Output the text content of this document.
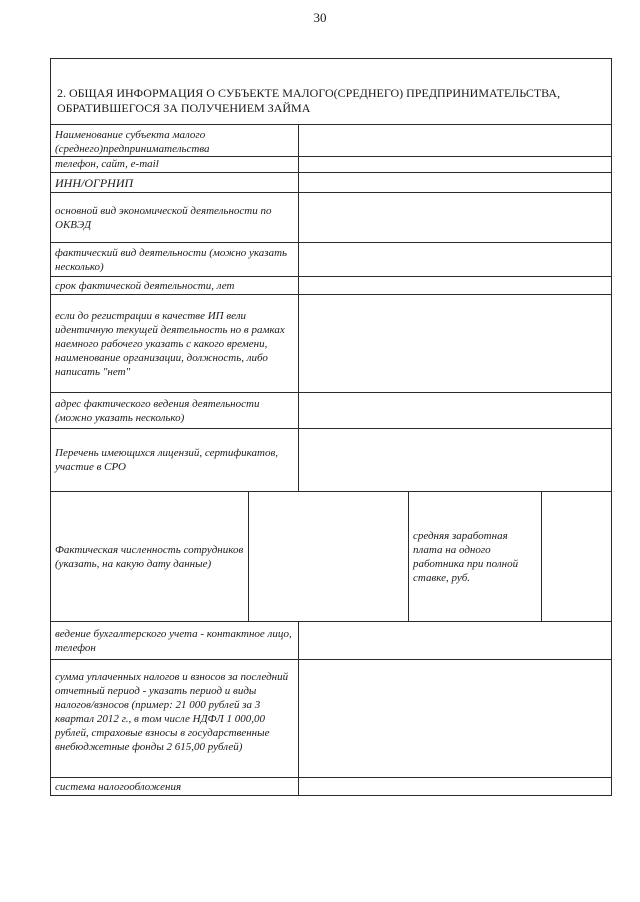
30
2. ОБЩАЯ ИНФОРМАЦИЯ О СУБЪЕКТЕ МАЛОГО(СРЕДНЕГО) ПРЕДПРИНИМАТЕЛЬСТВА, ОБРАТИВШЕГОСЯ ЗА ПОЛУЧЕНИЕМ ЗАЙМА				
Наименование субъекта малого (среднего)предпринимательства				
телефон, сайт, e-mail				
ИНН/ОГРНИП				
основной вид экономической деятельности по ОКВЭД				
фактический вид деятельности (можно указать несколько)				
срок фактической деятельности, лет				
если до регистрации в качестве ИП вели идентичную текущей деятельность но в рамках наемного рабочего указать с какого времени, наименование организации, должность, либо написать "нет"				
адрес фактического ведения деятельности (можно указать несколько)				
Перечень имеющихся лицензий, сертификатов, участие в СРО				
Фактическая численность сотрудников (указать, на какую дату данные)			средняя заработная плата на одного работника при полной ставке, руб.	
ведение бухгалтерского учета - контактное лицо, телефон				
сумма уплаченных налогов и взносов за последний отчетный период - указать период и виды налогов/взносов (пример: 21 000 рублей за 3 квартал 2012 г., в том числе НДФЛ 1 000,00 рублей, страховые взносы в государственные внебюджетные фонды 2 615,00 рублей)				
система налогообложения				
